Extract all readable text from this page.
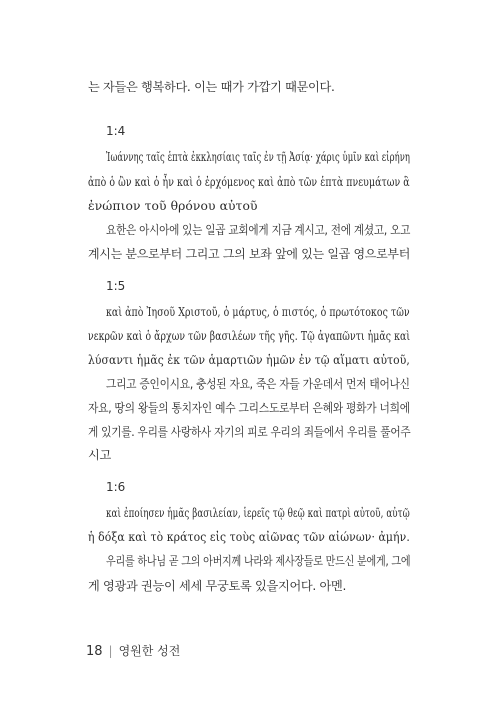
는 자들은 행복하다. 이는 때가 가깝기 때문이다.
1:4
Ἰωάννης ταῖς ἑπτὰ ἐκκλησίαις ταῖς ἐν τῇ Ἀσίᾳ· χάρις ὑμῖν καὶ εἰρήνη
ἀπὸ ὁ ὢν καὶ ὁ ἦν καὶ ὁ ἐρχόμενος καὶ ἀπὸ τῶν ἑπτὰ πνευμάτων ἃ
ἐνώπιον τοῦ θρόνου αὐτοῦ
요한은 아시아에 있는 일곱 교회에게 지금 계시고, 전에 계셨고, 오고
계시는 분으로부터 그리고 그의 보좌 앞에 있는 일곱 영으로부터
1:5
καὶ ἀπὸ Ἰησοῦ Χριστοῦ, ὁ μάρτυς, ὁ πιστός, ὁ πρωτότοκος τῶν
νεκρῶν καὶ ὁ ἄρχων τῶν βασιλέων τῆς γῆς. Τῷ ἀγαπῶντι ἡμᾶς καὶ
λύσαντι ἡμᾶς ἐκ τῶν ἁμαρτιῶν ἡμῶν ἐν τῷ αἵματι αὐτοῦ,
그리고 증인이시요, 충성된 자요, 죽은 자들 가운데서 먼저 태어나신
자요, 땅의 왕들의 통치자인 예수 그리스도로부터 은혜와 평화가 너희에
게 있기를. 우리를 사랑하사 자기의 피로 우리의 죄들에서 우리를 풀어주
시고
1:6
καὶ ἐποίησεν ἡμᾶς βασιλείαν, ἱερεῖς τῷ θεῷ καὶ πατρὶ αὐτοῦ, αὐτῷ
ἡ δόξα καὶ τὸ κράτος εἰς τοὺς αἰῶνας τῶν αἰώνων· ἀμήν.
우리를 하나님 곧 그의 아버지께 나라와 제사장들로 만드신 분에게, 그에
게 영광과 권능이 세세 무궁토록 있을지어다. 아멘.
18 | 영원한 성전
